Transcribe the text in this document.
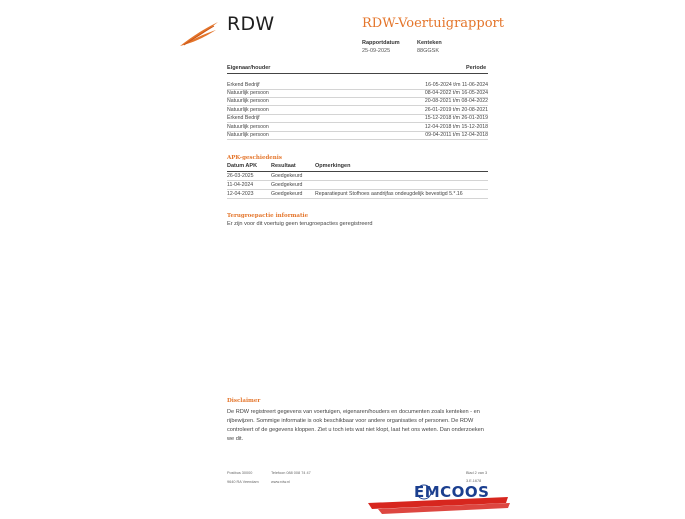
RDW	RDW-Voertuigrapport
Rapportdatum
25-09-2025
Kenteken
88GGSK
Eigenaar/houder	Periode
Erkend Bedrijf	16-05-2024 t/m 11-06-2024
Natuurlijk persoon	08-04-2022 t/m 16-05-2024
Natuurlijk persoon	20-08-2021 t/m 08-04-2022
Natuurlijk persoon	26-01-2019 t/m 20-08-2021
Erkend Bedrijf	15-12-2018 t/m 26-01-2019
Natuurlijk persoon	12-04-2018 t/m 15-12-2018
Natuurlijk persoon	09-04-2011 t/m 12-04-2018
APK-geschiedenis
Datum APK	Resultaat	Opmerkingen
26-03-2025	Goedgekeurd
11-04-2024	Goedgekeurd
12-04-2023	Goedgekeurd Reparatiepunt Stofhoes aandrijfas ondeugdelijk bevestigd 5.*.16
Terugroepactie informatie
Er zijn voor dit voertuig geen terugroepacties geregistreerd
Disclaimer
De RDW registreert gegevens van voertuigen, eigenaren/houders en documenten zoals kenteken - en
rijbewijzen. Sommige informatie is ook beschikbaar voor andere organisaties of personen. De RDW
controleert of de gegevens kloppen. Ziet u toch iets wat niet klopt, laat het ons weten. Dan onderzoeken
we dit.
Postbus 30000
9640 RA Veendam
Telefoon 088 008 74 47
www.rdw.nl
Blad 2 van 3
3.E.1678
EMCOOS
